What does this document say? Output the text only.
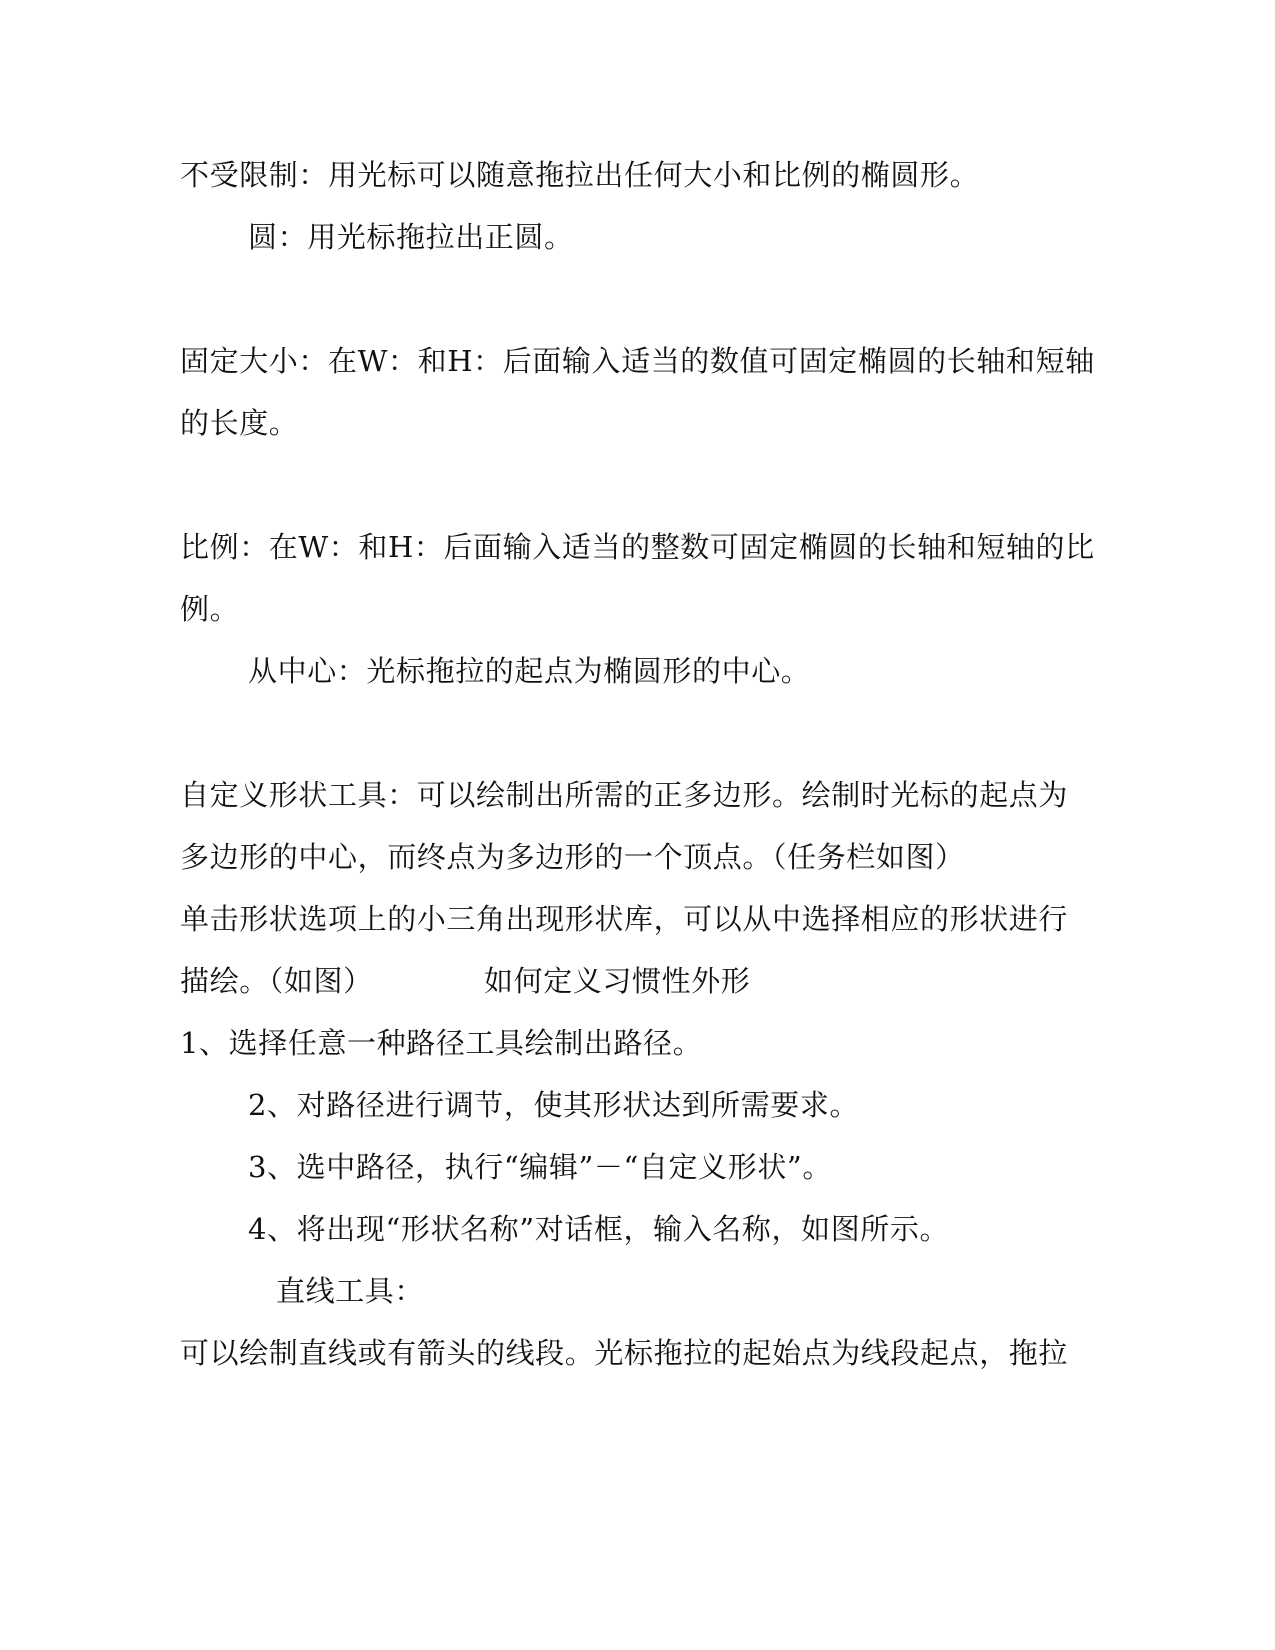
不受限制：用光标可以随意拖拉出任何大小和比例的椭圆形。
圆：用光标拖拉出正圆。
固定大小：在W：和H：后面输入适当的数值可固定椭圆的长轴和短轴
的长度。
比例：在W：和H：后面输入适当的整数可固定椭圆的长轴和短轴的比
例。
从中心：光标拖拉的起点为椭圆形的中心。
自定义形状工具：可以绘制出所需的正多边形。绘制时光标的起点为
多边形的中心，而终点为多边形的一个顶点。（任务栏如图）
单击形状选项上的小三角出现形状库，可以从中选择相应的形状进行
描绘。（如图）	如何定义习惯性外形
1、选择任意一种路径工具绘制出路径。
2、对路径进行调节，使其形状达到所需要求。
3、选中路径，执行“编辑”－“自定义形状”。
4、将出现“形状名称”对话框，输入名称，如图所示。
直线工具：
可以绘制直线或有箭头的线段。光标拖拉的起始点为线段起点，拖拉
